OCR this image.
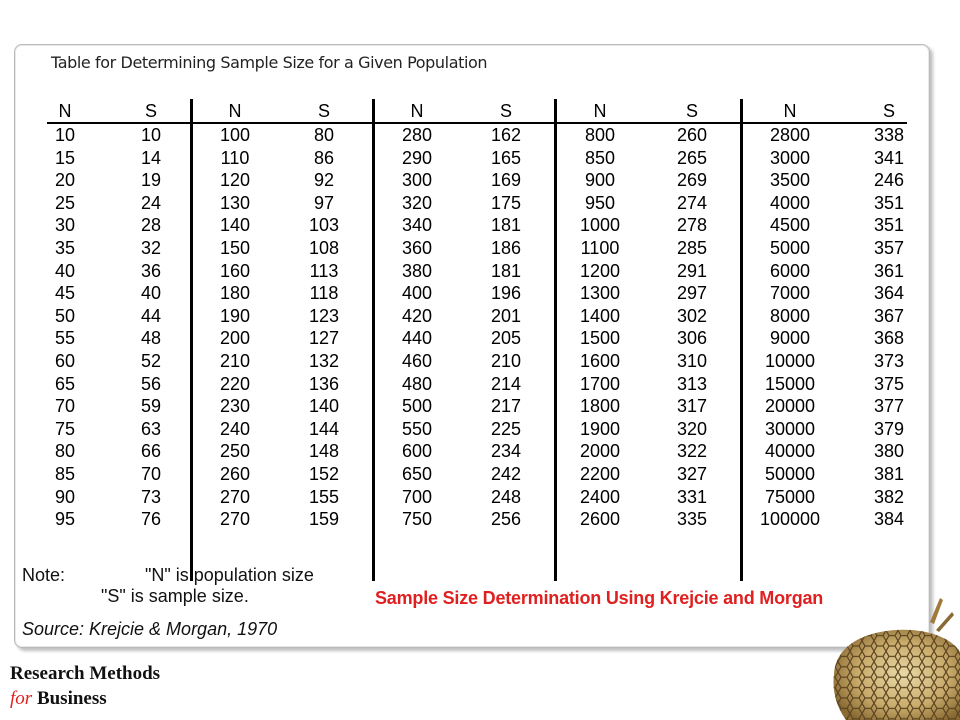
Table for Determining Sample Size for a Given Population
N
10
15
20
25
30
35
40
45
50
55
60
65
70
75
80
85
90
95
S
10
14
19
24
28
32
36
40
44
48
52
56
59
63
66
70
73
76
N
100
110
120
130
140
150
160
180
190
200
210
220
230
240
250
260
270
270
S
80
86
92
97
103
108
113
118
123
127
132
136
140
144
148
152
155
159
N
280
290
300
320
340
360
380
400
420
440
460
480
500
550
600
650
700
750
S
162
165
169
175
181
186
181
196
201
205
210
214
217
225
234
242
248
256
N
800
850
900
950
1000
1100
1200
1300
1400
1500
1600
1700
1800
1900
2000
2200
2400
2600
S
260
265
269
274
278
285
291
297
302
306
310
313
317
320
322
327
331
335
N
2800
3000
3500
4000
4500
5000
6000
7000
8000
9000
10000
15000
20000
30000
40000
50000
75000
100000
S
338
341
246
351
351
357
361
364
367
368
373
375
377
379
380
381
382
384
Note:	"N" is population size
"S" is sample size.
Source: Krejcie & Morgan, 1970
Sample Size Determination Using Krejcie and Morgan
Research Methods
for Business
